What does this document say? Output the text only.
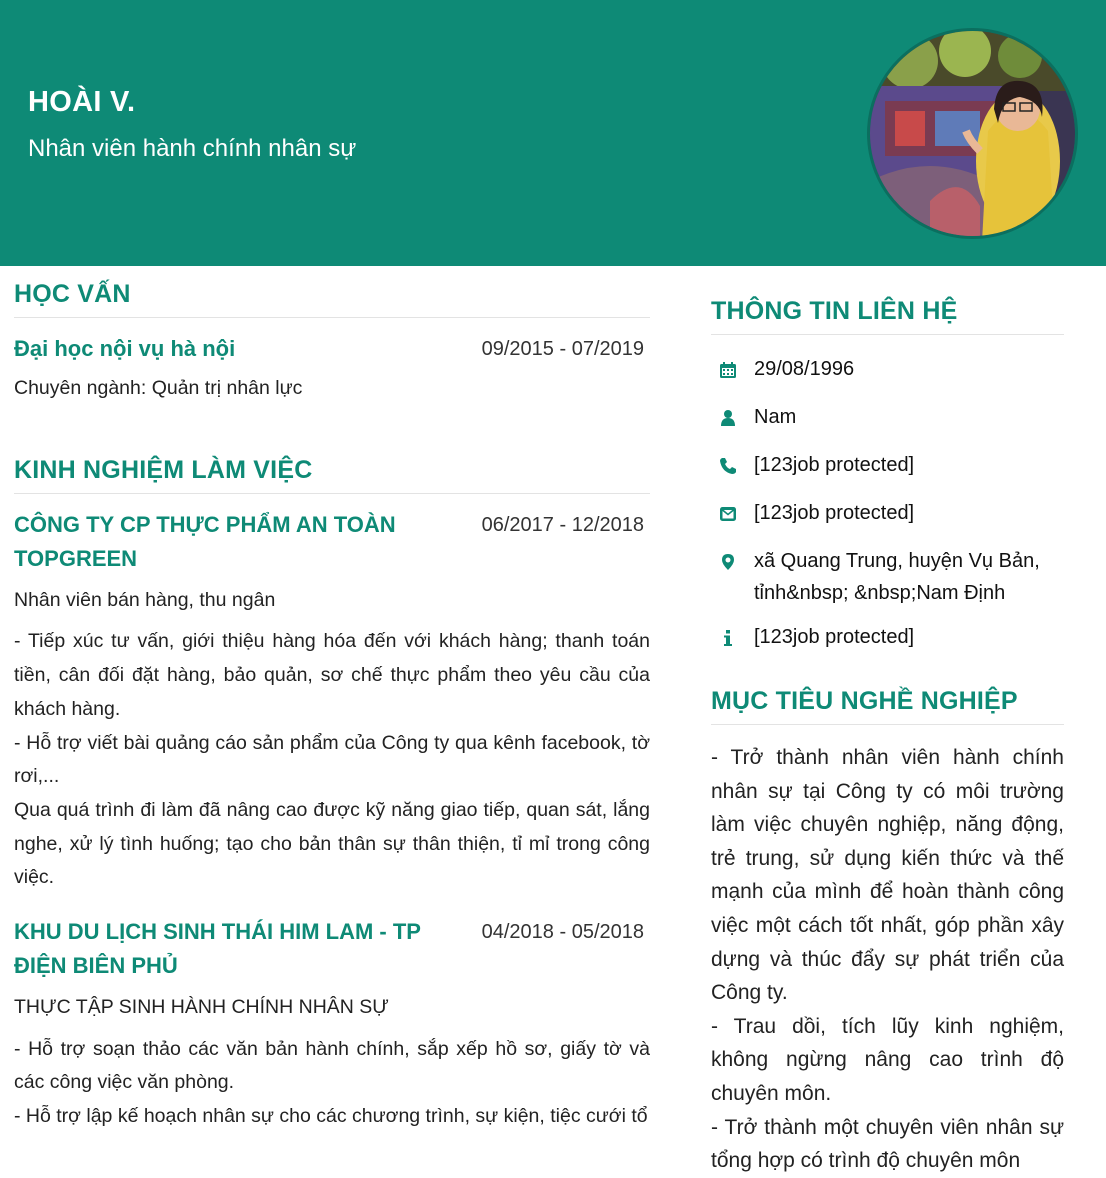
HOÀI V.
Nhân viên hành chính nhân sự
HỌC VẤN
Đại học nội vụ hà nội	09/2015 - 07/2019
Chuyên ngành: Quản trị nhân lực
KINH NGHIỆM LÀM VIỆC
CÔNG TY CP THỰC PHẨM AN TOÀN
TOPGREEN
06/2017 - 12/2018
Nhân viên bán hàng, thu ngân
- Tiếp xúc tư vấn, giới thiệu hàng hóa đến với khách hàng; thanh toán tiền, cân đối đặt hàng, bảo quản, sơ chế thực phẩm theo yêu cầu của khách hàng.
- Hỗ trợ viết bài quảng cáo sản phẩm của Công ty qua kênh facebook, tờ rơi,...
Qua quá trình đi làm đã nâng cao được kỹ năng giao tiếp, quan sát, lắng nghe, xử lý tình huống; tạo cho bản thân sự thân thiện, tỉ mỉ trong công việc.
KHU DU LỊCH SINH THÁI HIM LAM - TP
ĐIỆN BIÊN PHỦ
04/2018 - 05/2018
THỰC TẬP SINH HÀNH CHÍNH NHÂN SỰ
- Hỗ trợ soạn thảo các văn bản hành chính, sắp xếp hồ sơ, giấy tờ và các công việc văn phòng.
- Hỗ trợ lập kế hoạch nhân sự cho các chương trình, sự kiện, tiệc cưới tổ
THÔNG TIN LIÊN HỆ
29/08/1996
Nam
[123job protected]
[123job protected]
xã Quang Trung, huyện Vụ Bản,
tỉnh&nbsp; &nbsp;Nam Định
[123job protected]
MỤC TIÊU NGHỀ NGHIỆP
- Trở thành nhân viên hành chính nhân sự tại Công ty có môi trường làm việc chuyên nghiệp, năng động, trẻ trung, sử dụng kiến thức và thế mạnh của mình để hoàn thành công việc một cách tốt nhất, góp phần xây dựng và thúc đẩy sự phát triển của Công ty.
- Trau dồi, tích lũy kinh nghiệm, không ngừng nâng cao trình độ chuyên môn.
- Trở thành một chuyên viên nhân sự tổng hợp có trình độ chuyên môn
